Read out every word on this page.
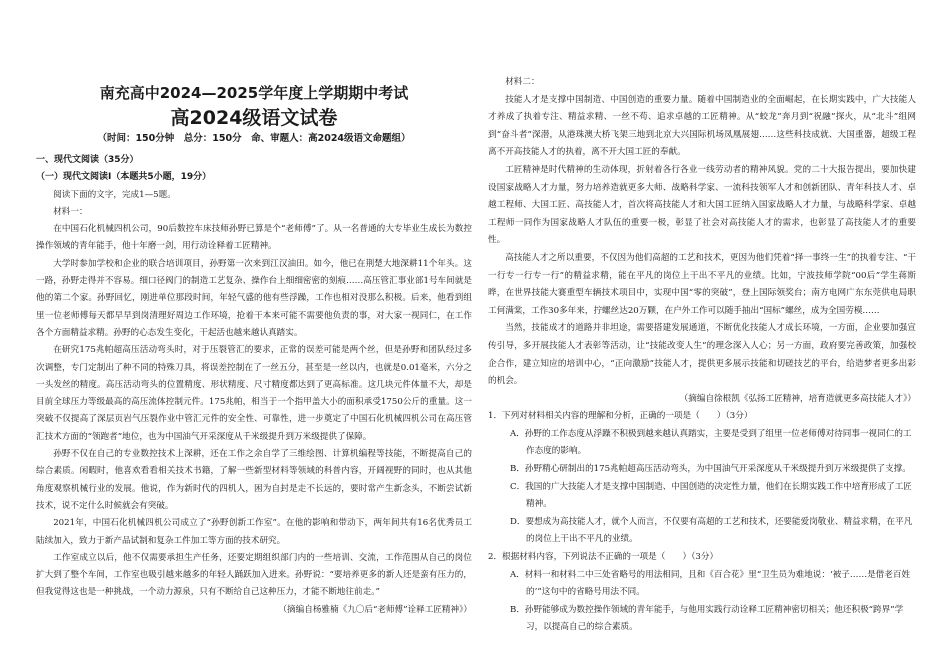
南充高中2024—2025学年度上学期期中考试
高2024级语文试卷
（时间：150分钟　总分：150分　命、审题人：高2024级语文命题组）

一、现代文阅读（35分）

（一）现代文阅读Ⅰ（本题共5小题，19分）

阅读下面的文字，完成1—5题。

材料一：

在中国石化机械四机公司，90后数控车床技师孙野已算是个“老师傅”了。从一名普通的大专毕业生成长为数控操作领域的青年能手，他十年磨一剑，用行动诠释着工匠精神。

大学时参加学校和企业的联合培训项目，孙野第一次来到江汉油田。如今，他已在荆楚大地深耕11个年头。这一路，孙野走得并不容易。细口径阀门的制造工艺复杂、操作台上细细密密的刻痕……高压管汇事业部1号车间就是他的第二个家。孙野回忆，刚进单位那段时间，年轻气盛的他有些浮躁，工作也相对没那么积极。后来，他看到组里一位老师傅每天都早早到岗清理好周边工作环境，抢着干本来可能不需要他负责的事，对大家一视同仁，在工作各个方面精益求精。孙野的心态发生变化，干起活也越来越认真踏实。

在研究175兆帕超高压活动弯头时，对于压裂管汇的要求，正常的误差可能是两个丝，但是孙野和团队经过多次调整，专门定制出了种不同的特殊刀具，将误差控制在了一丝五分，甚至是一丝以内，也就是0.01毫米，六分之一头发丝的精度。高压活动弯头的位置精度、形状精度、尺寸精度都达到了更高标准。这几块元件体量不大，却是目前全球压力等级最高的高压流体控制元件。175兆帕，相当于一个指甲盖大小的面积承受1750公斤的重量。这一突破不仅提高了深层页岩气压裂作业中管汇元件的安全性、可靠性，进一步奠定了中国石化机械四机公司在高压管汇技术方面的“领跑者”地位，也为中国油气开采深度从千米级提升到万米级提供了保障。

孙野不仅在自己的专业数控技术上深耕，还在工作之余自学了三维绘图、计算机编程等技能，不断提高自己的综合素质。闲暇时，他喜欢看看相关技术书籍，了解一些新型材料等领域的科普内容，开阔视野的同时，也从其他角度观察机械行业的发展。他说，作为新时代的四机人，困为自封是走不长远的，要时常产生新念头，不断尝试新技术，说不定什么时候就会有突破。

2021年，中国石化机械四机公司成立了“孙野创新工作室”。在他的影响和带动下，两年间共有16名优秀员工陆续加入，致力于新产品试制和复杂工件加工等方面的技术研究。

工作室成立以后，他不仅需要承担生产任务，还要定期组织部门内的一些培训、交流，工作范围从自己的岗位扩大到了整个车间，工作室也吸引越来越多的年轻人踊跃加入进来。孙野说：“要培养更多的新人还是蛮有压力的，但我觉得这也是一种挑战，一个动力源泉，只有不断给自己这种压力，才能不断地往前走。”

（摘编自杨雅楠《九〇后“老师傅”诠释工匠精神》）

材料二：

技能人才是支撑中国制造、中国创造的重要力量。随着中国制造业的全面崛起，在长期实践中，广大技能人才养成了执着专注、精益求精、一丝不苟、追求卓越的工匠精神。从“蛟龙”奔月到“祝融”探火，从“北斗”组网到“奋斗者”深潜，从港珠澳大桥飞架三地到北京大兴国际机场凤凰展翅……这些科技成就、大国重器，超级工程离不开高技能人才的执着，离不开大国工匠的奉献。

工匠精神是时代精神的生动体现，折射着各行各业一线劳动者的精神风貌。党的二十大报告提出，要加快建设国家战略人才力量，努力培养造就更多大师、战略科学家、一流科技领军人才和创新团队、青年科技人才、卓越工程师、大国工匠、高技能人才，首次将高技能人才和大国工匠纳入国家战略人才力量，与战略科学家、卓越工程师一同作为国家战略人才队伍的重要一极，彰显了社会对高技能人才的需求，也彰显了高技能人才的重要性。

高技能人才之所以重要，不仅因为他们高超的工艺和技术，更因为他们凭着“择一事终一生”的执着专注、“干一行专一行专一行”的精益求精，能在平凡的岗位上干出不平凡的业绩。比如，宁波技师学院“00后”学生蒋斯晔，在世界技能大赛重型车辆技术项目中，实现中国“零的突破”，登上国际领奖台；南方电网广东东莞供电局职工何满棠，工作30多年来，拧螺丝达20万颗，在户外工作可以随手抽出“国标”螺丝，成为全国劳模……

当然，技能成才的道路并非坦途，需要搭建发展通道，不断优化技能人才成长环境，一方面，企业要加强宣传引导，多开展技能人才表彰等活动，让“技能改变人生”的理念深入人心；另一方面，政府要完善政策，加强校企合作，建立知应的培训中心，“正向激励”技能人才，提供更多展示技能和切磋技艺的平台，给造梦者更多出彩的机会。

（摘编自徐根凯《弘扬工匠精神，培育造就更多高技能人才》）

1．下列对材料相关内容的理解和分析，正确的一项是（　　）（3分）

A．孙野的工作态度从浮躁不积极到越来越认真踏实，主要是受到了组里一位老师傅对待同事一视同仁的工作态度的影响。

B．孙野精心研制出的175兆帕超高压活动弯头，为中国油气开采深度从千米级提升到万米级提供了支撑。

C．我国的广大技能人才是支撑中国制造、中国创造的决定性力量，他们在长期实践工作中培育形成了工匠精神。

D．要想成为高技能人才，就个人而言，不仅要有高超的工艺和技术，还要能爱岗敬业、精益求精，在平凡的岗位上干出不平凡的业绩。

2．根据材料内容，下列说法不正确的一项是（　　）（3分）

A．材料一和材料二中三处省略号的用法相同，且和《百合花》里“卫生员为难地说：‘被子……是借老百姓的’”这句中的省略号用法不同。

B．孙野能够成为数控操作领域的青年能手，与他用实践行动诠释工匠精神密切相关；他还积极“跨界”学习，以提高自己的综合素质。
